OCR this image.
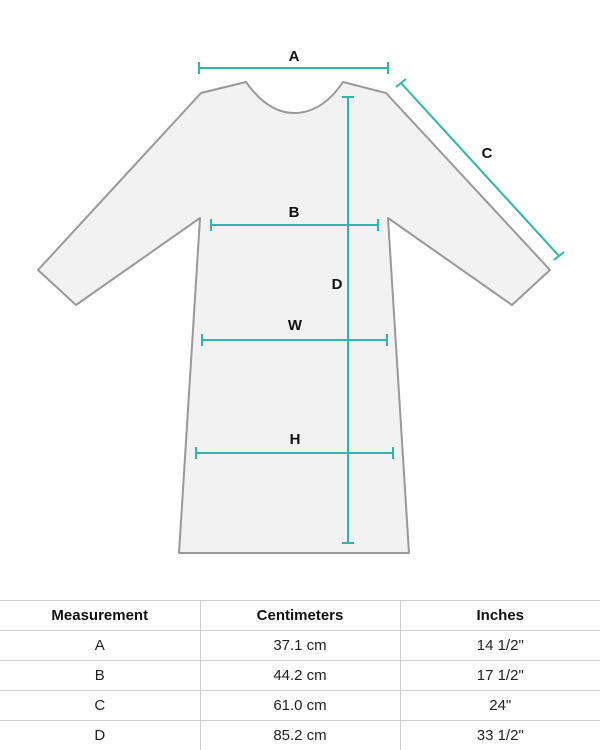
A
C
B
D
W
H
Measurement	Centimeters	Inches
A	37.1 cm	14 1/2"
B	44.2 cm	17 1/2"
C	61.0 cm	24"
D	85.2 cm	33 1/2"
